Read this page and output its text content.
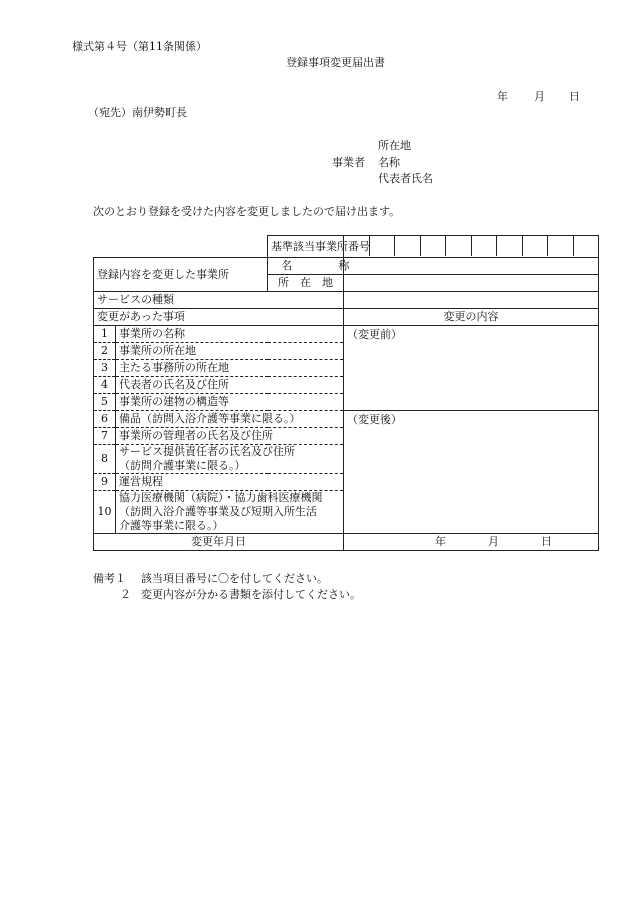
様式第４号（第11条関係）
登録事項変更届出書
年 月 日
（宛先）南伊勢町長
所在地
事業者 名称
代表者氏名
次のとおり登録を受けた内容を変更しましたので届け出ます。
		基準該当事業所番号	

登録内容を変更した事業所		名　称	
		所　在　地	
サービスの種類			
変更があった事項			変更の内容
1	事業所の名称		（変更前）
2	事業所の所在地		
3	主たる事務所の所在地		
4	代表者の氏名及び住所		
5	事業所の建物の構造等		
6	備品（訪問入浴介護等事業に限る。）		（変更後）
7	事業所の管理者の氏名及び住所		
8	サービス提供責任者の氏名及び住所
（訪問介護事業に限る。）		

9	運営規程		
10	協力医療機関（病院）・協力歯科医療機関
（訪問入浴介護等事業及び短期入所生活
介護等事業に限る。）		

変更年月日			年 月 日
備考１ 該当項目番号に〇を付してください。
２ 変更内容が分かる書類を添付してください。
